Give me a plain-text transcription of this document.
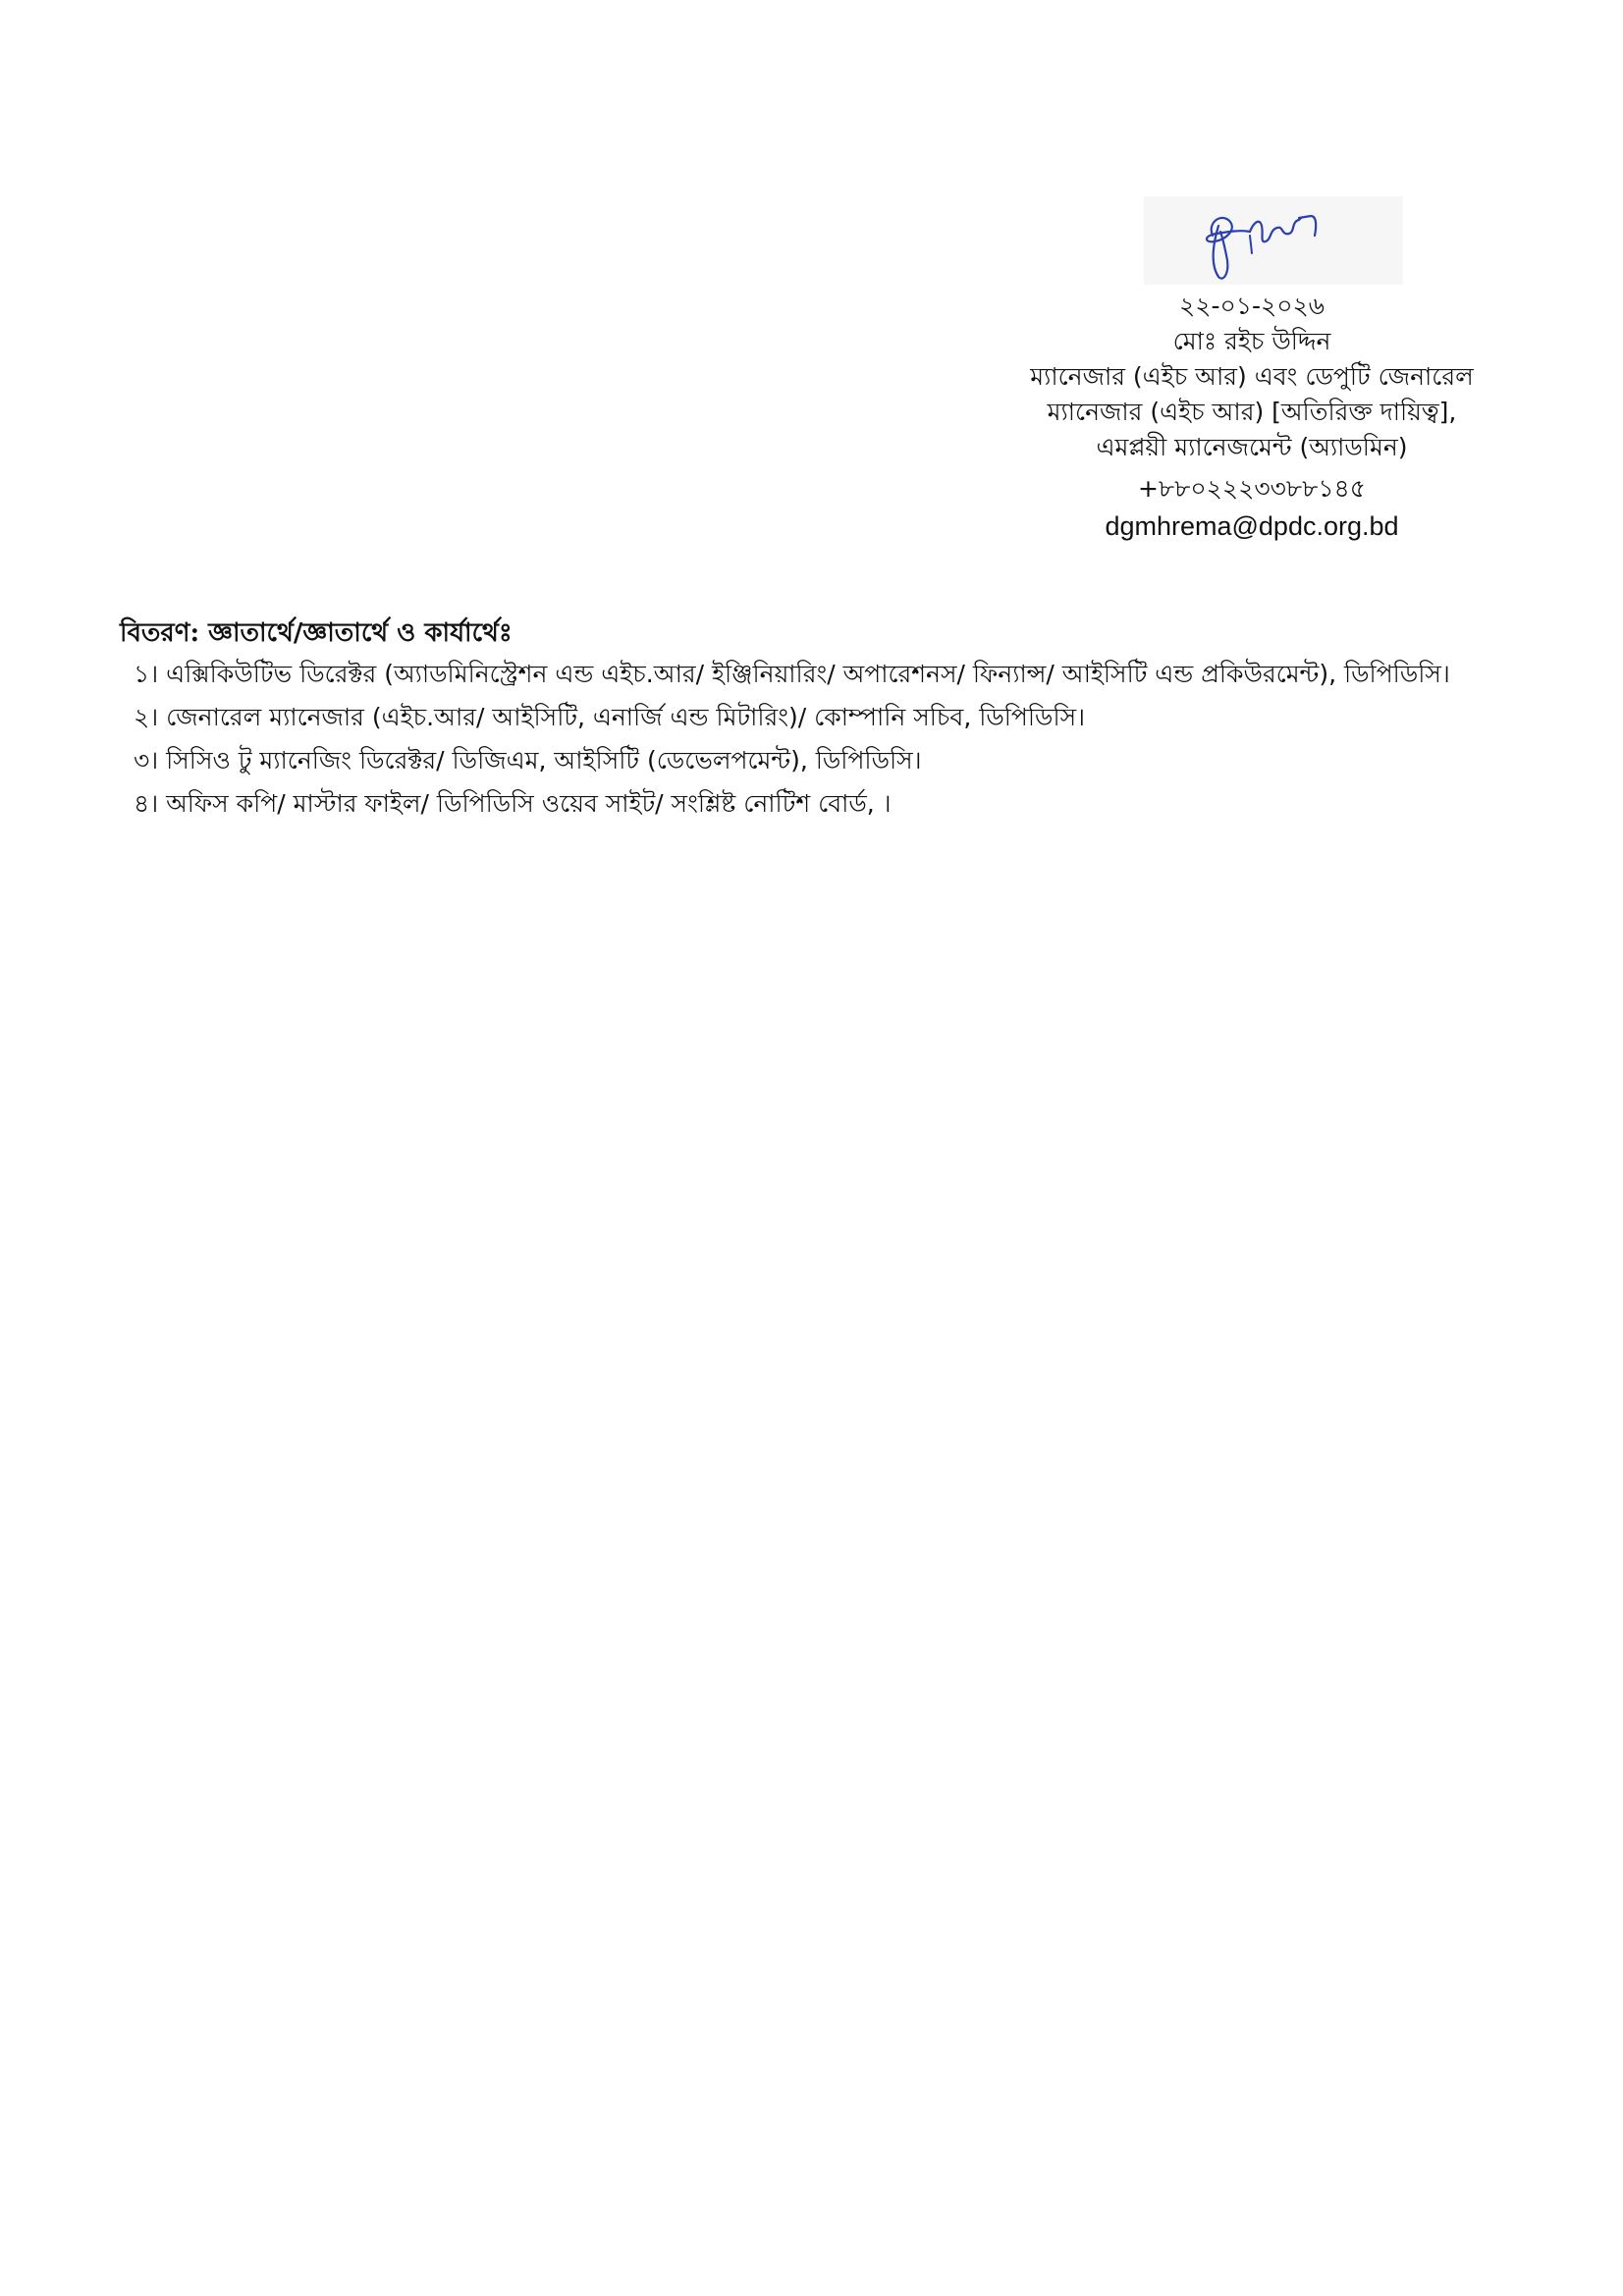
২২-০১-২০২৬
মোঃ রইচ উদ্দিন
ম্যানেজার (এইচ আর) এবং ডেপুটি জেনারেল
ম্যানেজার (এইচ আর) [অতিরিক্ত দায়িত্ব],
এমপ্লয়ী ম্যানেজমেন্ট (অ্যাডমিন)
+৮৮০২২২৩৩৮৮১৪৫
dgmhrema@dpdc.org.bd
বিতরণ: জ্ঞাতার্থে/জ্ঞাতার্থে ও কার্যার্থেঃ
১। এক্সিকিউটিভ ডিরেক্টর (অ্যাডমিনিস্ট্রেশন এন্ড এইচ.আর/ ইঞ্জিনিয়ারিং/ অপারেশনস/ ফিন্যান্স/ আইসিটি এন্ড প্রকিউরমেন্ট), ডিপিডিসি।
২। জেনারেল ম্যানেজার (এইচ.আর/ আইসিটি, এনার্জি এন্ড মিটারিং)/ কোম্পানি সচিব, ডিপিডিসি।
৩। সিসিও টু ম্যানেজিং ডিরেক্টর/ ডিজিএম, আইসিটি (ডেভেলপমেন্ট), ডিপিডিসি।
৪। অফিস কপি/ মাস্টার ফাইল/ ডিপিডিসি ওয়েব সাইট/ সংশ্লিষ্ট নোটিশ বোর্ড, ।
